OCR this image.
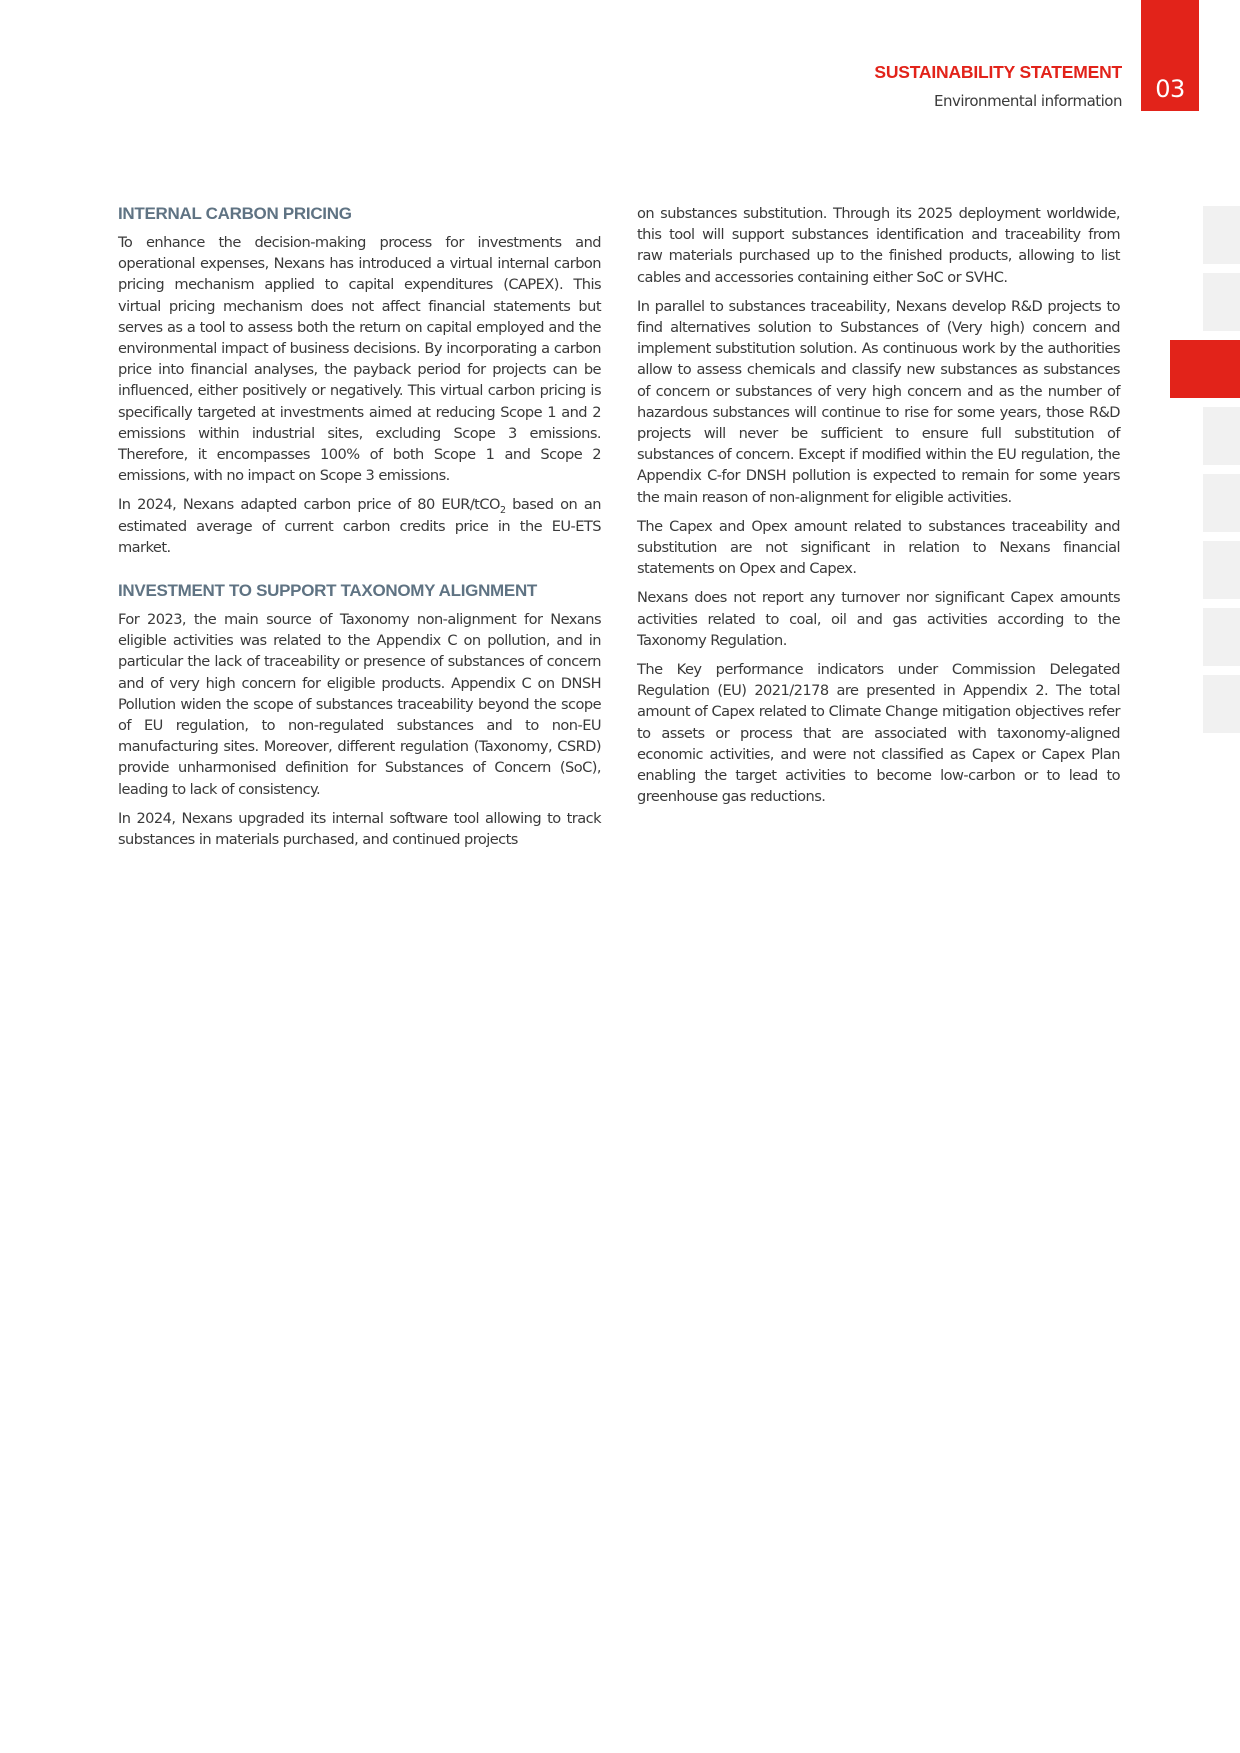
SUSTAINABILITY STATEMENT
Environmental information	03
INTERNAL CARBON PRICING

To enhance the decision-making process for investments and operational expenses, Nexans has introduced a virtual internal carbon pricing mechanism applied to capital expenditures (CAPEX). This virtual pricing mechanism does not affect financial statements but serves as a tool to assess both the return on capital employed and the environmental impact of business decisions. By incorporating a carbon price into financial analyses, the payback period for projects can be influenced, either positively or negatively. This virtual carbon pricing is specifically targeted at investments aimed at reducing Scope 1 and 2 emissions within industrial sites, excluding Scope 3 emissions. Therefore, it encompasses 100% of both Scope 1 and Scope 2 emissions, with no impact on Scope 3 emissions.

In 2024, Nexans adapted carbon price of 80 EUR/tCO$_2$ based on an estimated average of current carbon credits price in the EU-ETS market.

INVESTMENT TO SUPPORT TAXONOMY ALIGNMENT

For 2023, the main source of Taxonomy non-alignment for Nexans eligible activities was related to the Appendix C on pollution, and in particular the lack of traceability or presence of substances of concern and of very high concern for eligible products. Appendix C on DNSH Pollution widen the scope of substances traceability beyond the scope of EU regulation, to non-regulated substances and to non-EU manufacturing sites. Moreover, different regulation (Taxonomy, CSRD) provide unharmonised definition for Substances of Concern (SoC), leading to lack of consistency.

In 2024, Nexans upgraded its internal software tool allowing to track substances in materials purchased, and continued projects

on substances substitution. Through its 2025 deployment worldwide, this tool will support substances identification and traceability from raw materials purchased up to the finished products, allowing to list cables and accessories containing either SoC or SVHC.

In parallel to substances traceability, Nexans develop R&D projects to find alternatives solution to Substances of (Very high) concern and implement substitution solution. As continuous work by the authorities allow to assess chemicals and classify new substances as substances of concern or substances of very high concern and as the number of hazardous substances will continue to rise for some years, those R&D projects will never be sufficient to ensure full substitution of substances of concern. Except if modified within the EU regulation, the Appendix C-for DNSH pollution is expected to remain for some years the main reason of non-alignment for eligible activities.

The Capex and Opex amount related to substances traceability and substitution are not significant in relation to Nexans financial statements on Opex and Capex.

Nexans does not report any turnover nor significant Capex amounts activities related to coal, oil and gas activities according to the Taxonomy Regulation.

The Key performance indicators under Commission Delegated Regulation (EU) 2021/2178 are presented in Appendix 2. The total amount of Capex related to Climate Change mitigation objectives refer to assets or process that are associated with taxonomy-aligned economic activities, and were not classified as Capex or Capex Plan enabling the target activities to become low-carbon or to lead to greenhouse gas reductions.
